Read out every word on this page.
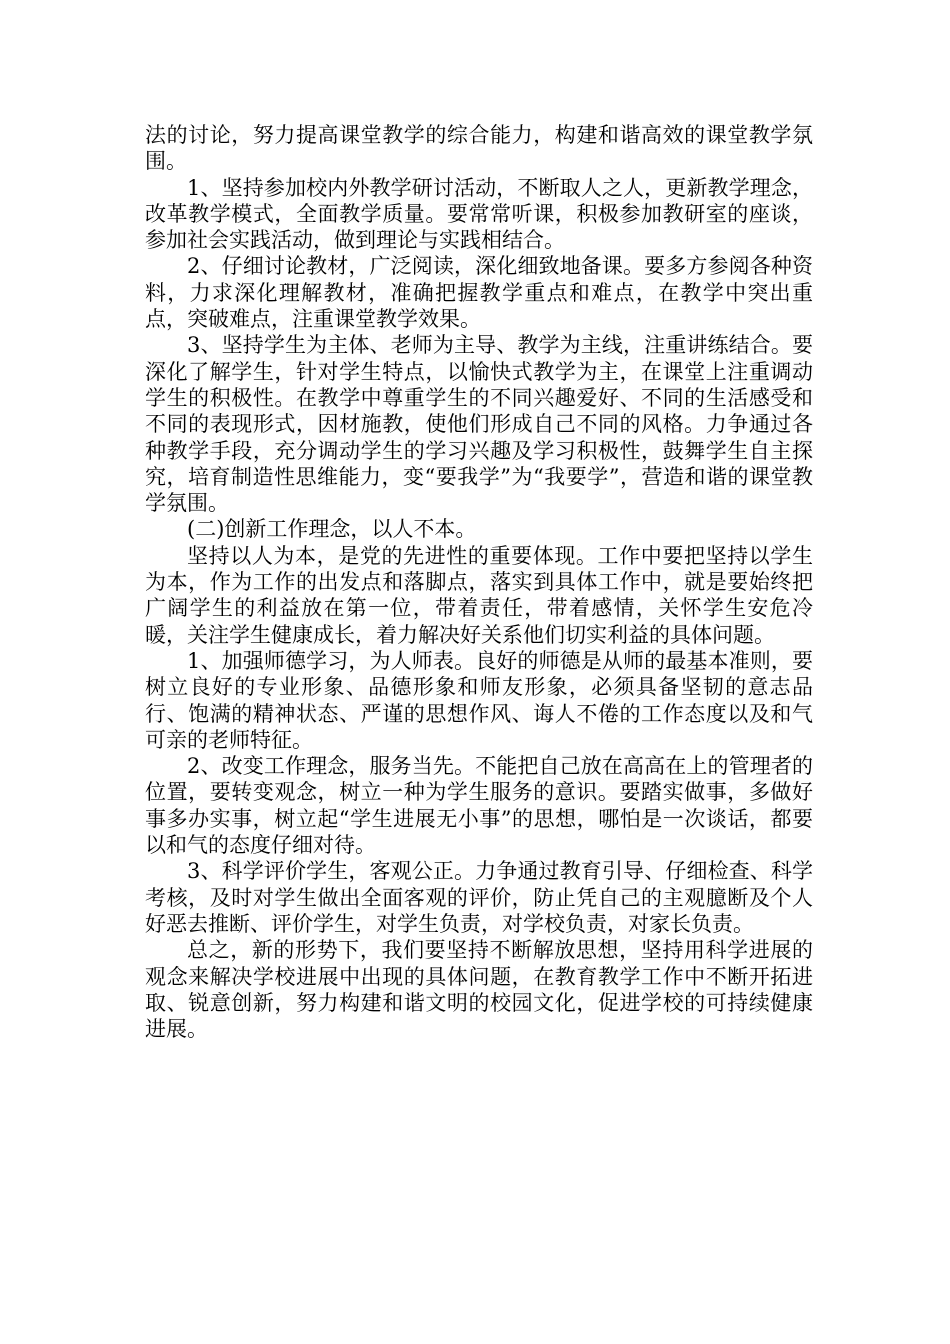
法的讨论，努力提高课堂教学的综合能力，构建和谐高效的课堂教学氛围。

1、坚持参加校内外教学研讨活动，不断取人之人，更新教学理念，改革教学模式，全面教学质量。要常常听课，积极参加教研室的座谈，参加社会实践活动，做到理论与实践相结合。

2、仔细讨论教材，广泛阅读，深化细致地备课。要多方参阅各种资料，力求深化理解教材，准确把握教学重点和难点，在教学中突出重点，突破难点，注重课堂教学效果。

3、坚持学生为主体、老师为主导、教学为主线，注重讲练结合。要深化了解学生，针对学生特点，以愉快式教学为主，在课堂上注重调动学生的积极性。在教学中尊重学生的不同兴趣爱好、不同的生活感受和不同的表现形式，因材施教，使他们形成自己不同的风格。力争通过各种教学手段，充分调动学生的学习兴趣及学习积极性，鼓舞学生自主探究，培育制造性思维能力，变“要我学”为“我要学”，营造和谐的课堂教学氛围。

(二)创新工作理念，以人不本。

坚持以人为本，是党的先进性的重要体现。工作中要把坚持以学生为本，作为工作的出发点和落脚点，落实到具体工作中，就是要始终把广阔学生的利益放在第一位，带着责任，带着感情，关怀学生安危冷暖，关注学生健康成长，着力解决好关系他们切实利益的具体问题。

1、加强师德学习，为人师表。良好的师德是从师的最基本准则，要树立良好的专业形象、品德形象和师友形象，必须具备坚韧的意志品行、饱满的精神状态、严谨的思想作风、诲人不倦的工作态度以及和气可亲的老师特征。

2、改变工作理念，服务当先。不能把自己放在高高在上的管理者的位置，要转变观念，树立一种为学生服务的意识。要踏实做事，多做好事多办实事，树立起“学生进展无小事”的思想，哪怕是一次谈话，都要以和气的态度仔细对待。

3、科学评价学生，客观公正。力争通过教育引导、仔细检查、科学考核，及时对学生做出全面客观的评价，防止凭自己的主观臆断及个人好恶去推断、评价学生，对学生负责，对学校负责，对家长负责。

总之，新的形势下，我们要坚持不断解放思想，坚持用科学进展的观念来解决学校进展中出现的具体问题，在教育教学工作中不断开拓进取、锐意创新，努力构建和谐文明的校园文化，促进学校的可持续健康进展。
